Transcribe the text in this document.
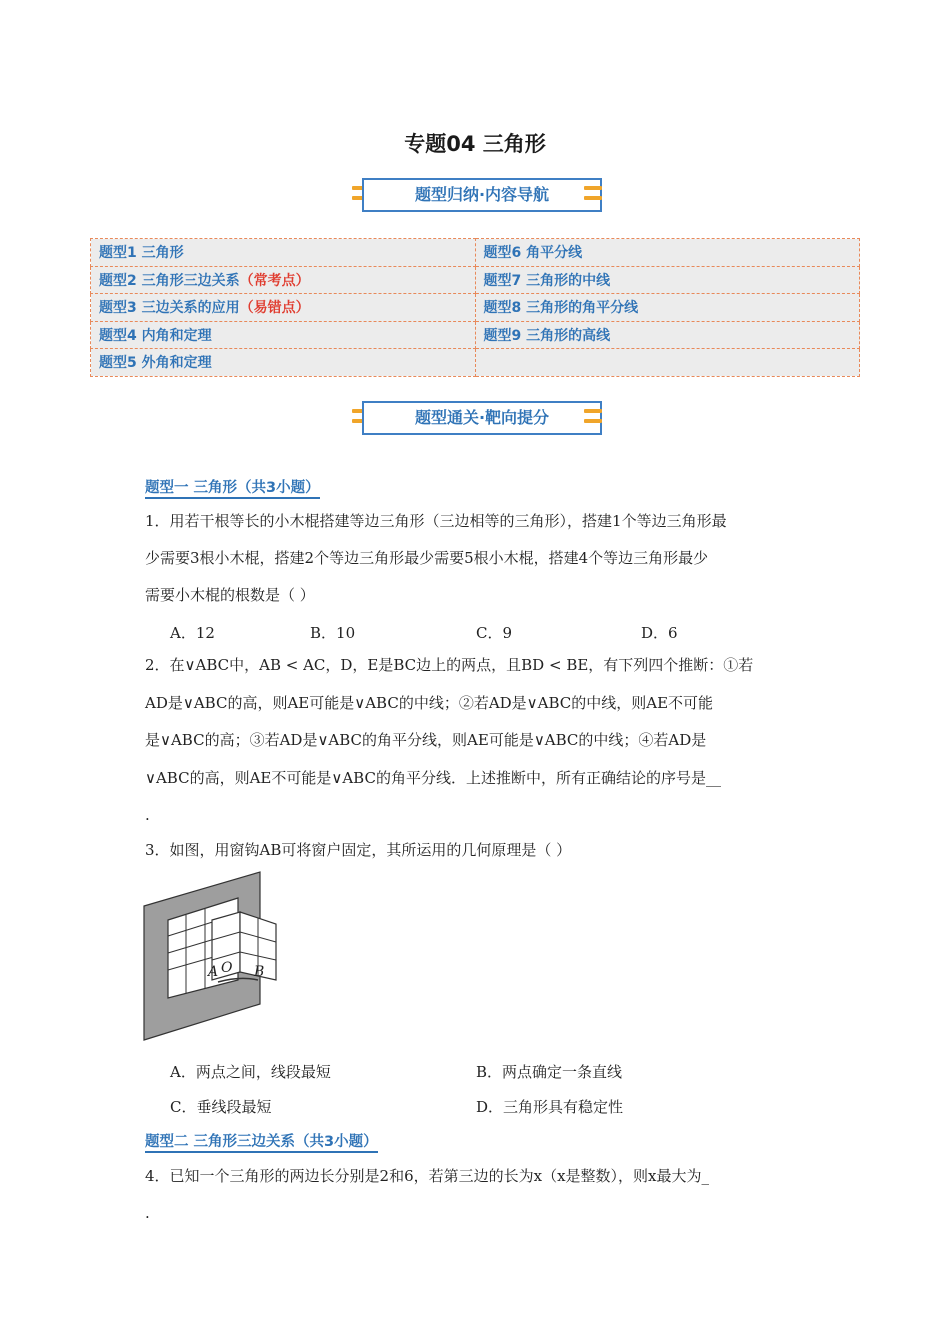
专题04 三角形
题型归纳·内容导航
题型1 三角形	题型6 角平分线
题型2 三角形三边关系（常考点）	题型7 三角形的中线
题型3 三边关系的应用（易错点）	题型8 三角形的角平分线
题型4 内角和定理	题型9 三角形的高线
题型5 外角和定理	
题型通关·靶向提分
题型一 三角形（共3小题）
1．用若干根等长的小木棍搭建等边三角形（三边相等的三角形），搭建1个等边三角形最
少需要3根小木棍，搭建2个等边三角形最少需要5根小木棍，搭建4个等边三角形最少
需要小木棍的根数是（ ）
A．12	B．10	C．9	D．6
2．在∨ABC中，AB < AC，D，E是BC边上的两点，且BD < BE，有下列四个推断：①若
AD是∨ABC的高，则AE可能是∨ABC的中线；②若AD是∨ABC的中线，则AE不可能
是∨ABC的高；③若AD是∨ABC的角平分线，则AE可能是∨ABC的中线；④若AD是
∨ABC的高，则AE不可能是∨ABC的角平分线．上述推断中，所有正确结论的序号是__
.
3．如图，用窗钩AB可将窗户固定，其所运用的几何原理是（ ）
A O B
A．两点之间，线段最短	B．两点确定一条直线
C．垂线段最短	D．三角形具有稳定性
题型二 三角形三边关系（共3小题）
4．已知一个三角形的两边长分别是2和6，若第三边的长为x（x是整数），则x最大为_
.
